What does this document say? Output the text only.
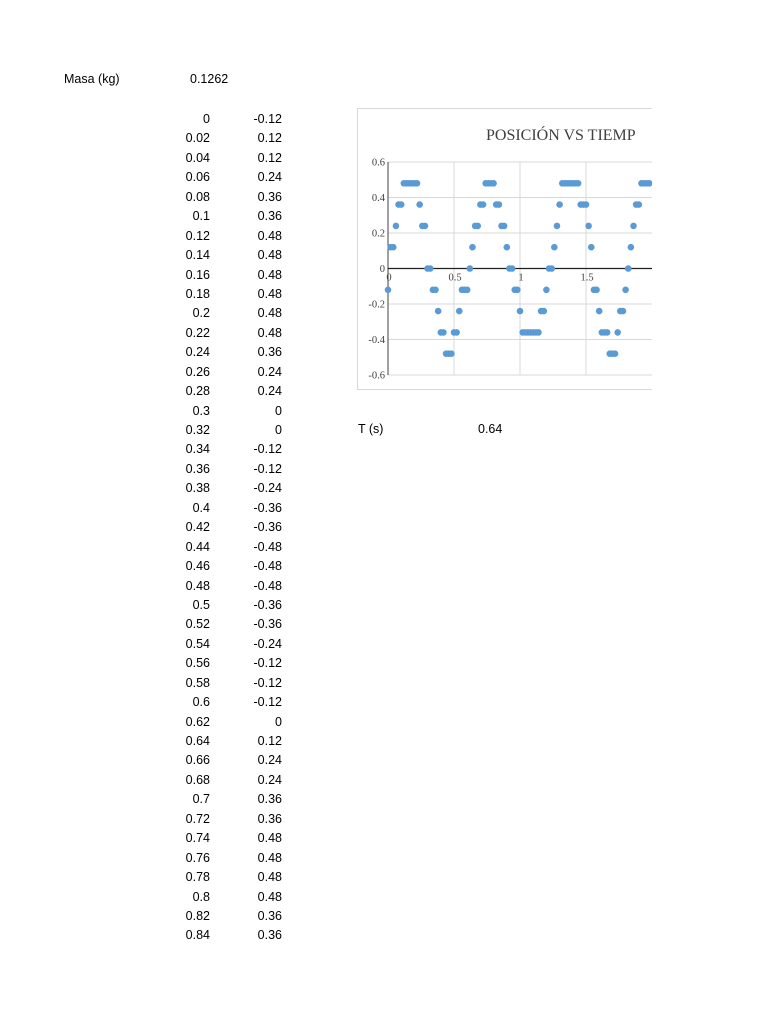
Masa (kg)	0.1262
0	-0.12
0.02	0.12
0.04	0.12
0.06	0.24
0.08	0.36
0.1	0.36
0.12	0.48
0.14	0.48
0.16	0.48
0.18	0.48
0.2	0.48
0.22	0.48
0.24	0.36
0.26	0.24
0.28	0.24
0.3	0
0.32	0
0.34	-0.12
0.36	-0.12
0.38	-0.24
0.4	-0.36
0.42	-0.36
0.44	-0.48
0.46	-0.48
0.48	-0.48
0.5	-0.36
0.52	-0.36
0.54	-0.24
0.56	-0.12
0.58	-0.12
0.6	-0.12
0.62	0
0.64	0.12
0.66	0.24
0.68	0.24
0.7	0.36
0.72	0.36
0.74	0.48
0.76	0.48
0.78	0.48
0.8	0.48
0.82	0.36
0.84	0.36
POSICIÓN VS TIEMP
0.6
0.4
0.2
0
-0.2
-0.4
-0.6
0	0.5	1	1.5
T (s)	0.64
